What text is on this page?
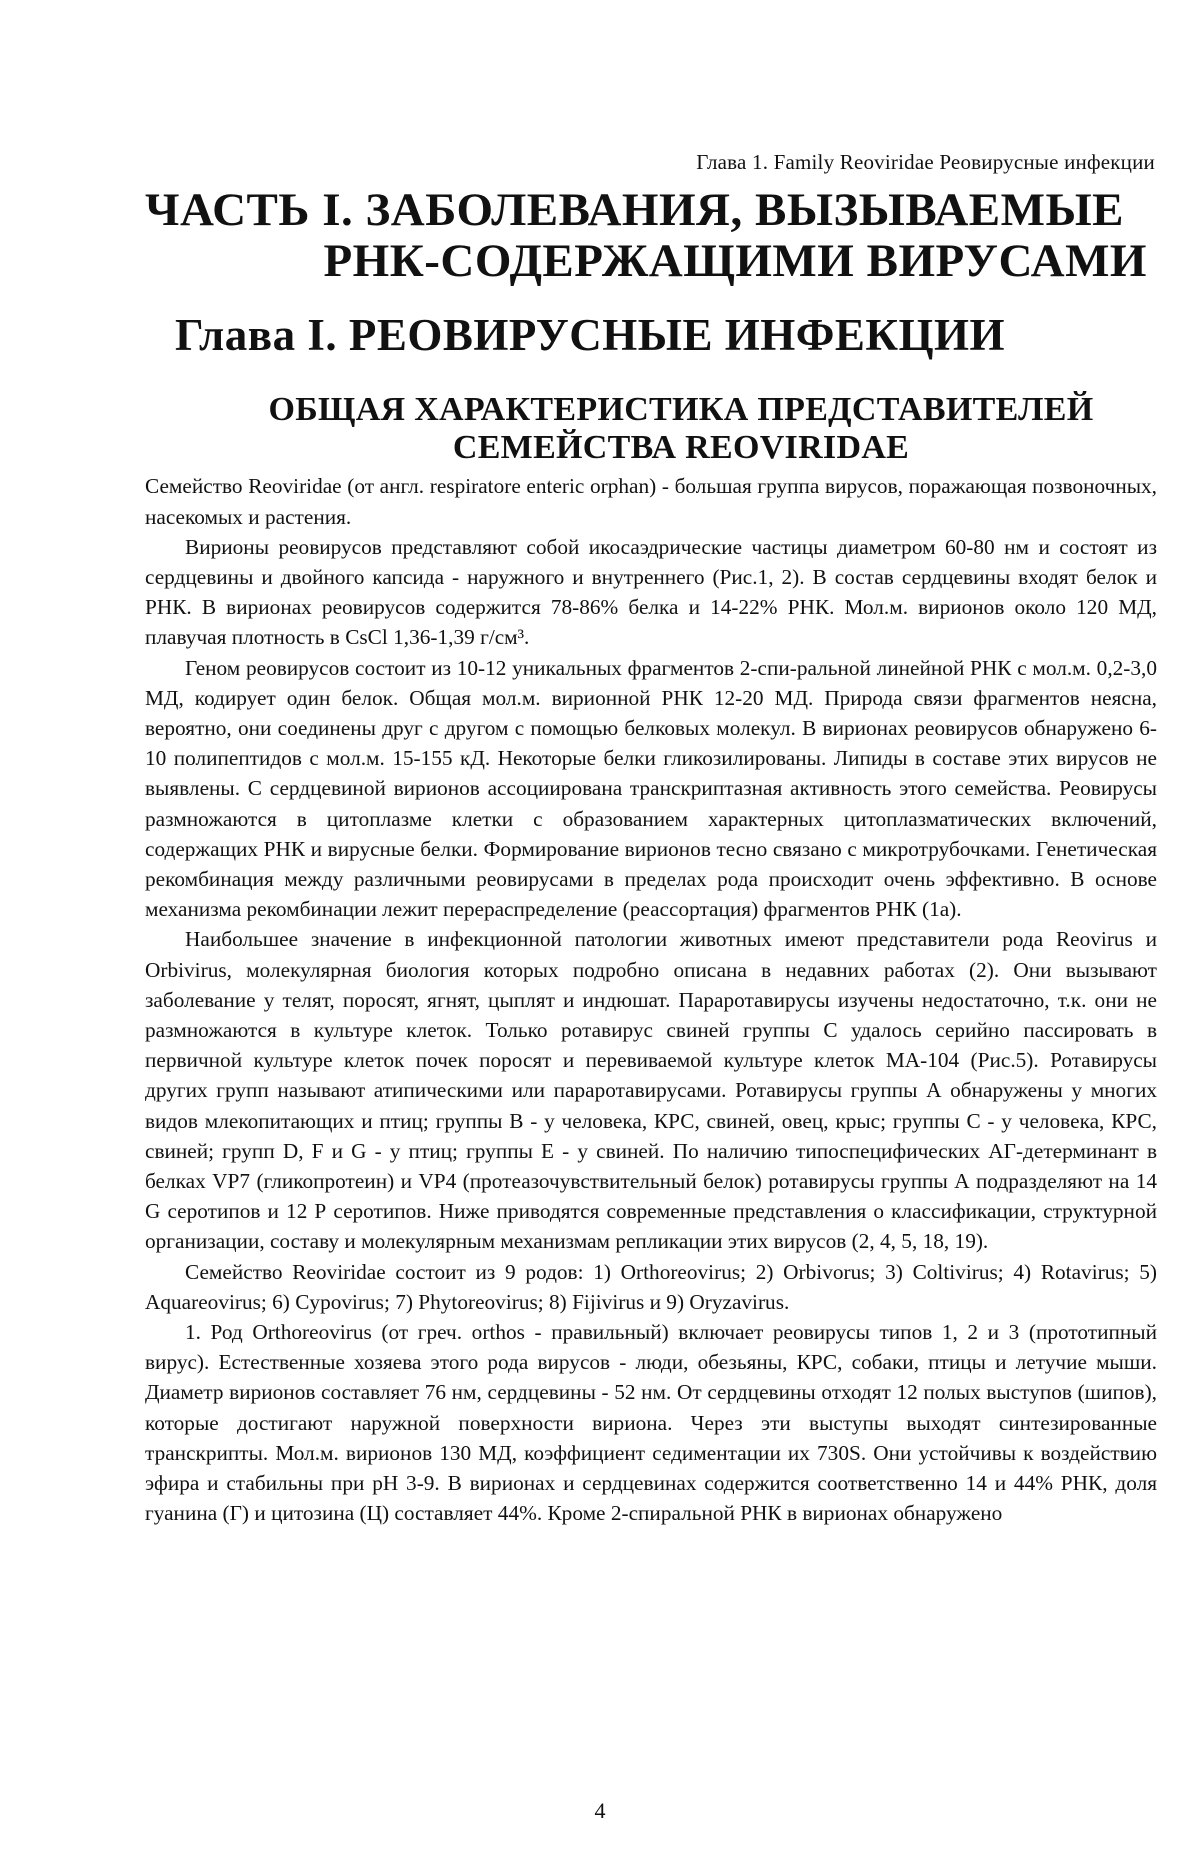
Глава 1. Family Reoviridae Реовирусные инфекции
ЧАСТЬ I. ЗАБОЛЕВАНИЯ, ВЫЗЫВАЕМЫЕ
РНК-СОДЕРЖАЩИМИ ВИРУСАМИ
Глава I. РЕОВИРУСНЫЕ ИНФЕКЦИИ
ОБЩАЯ ХАРАКТЕРИСТИКА ПРЕДСТАВИТЕЛЕЙ
СЕМЕЙСТВА REOVIRIDAE

Семейство Reoviridae (от англ. respiratore enteric orphan) - большая группа вирусов, поражающая позвоночных, насекомых и растения.

Вирионы реовирусов представляют собой икосаэдрические частицы диаметром 60-80 нм и состоят из сердцевины и двойного капсида - наружного и внутреннего (Рис.1, 2). В состав сердцевины входят белок и РНК. В вирионах реовирусов содержится 78-86% белка и 14-22% РНК. Мол.м. вирионов около 120 МД, плавучая плотность в CsCl 1,36-1,39 г/см³.

Геном реовирусов состоит из 10-12 уникальных фрагментов 2-спи-ральной линейной РНК с мол.м. 0,2-3,0 МД, кодирует один белок. Общая мол.м. вирионной РНК 12-20 МД. Природа связи фрагментов неясна, вероятно, они соединены друг с другом с помощью белковых молекул. В вирионах реовирусов обнаружено 6-10 полипептидов с мол.м. 15-155 кД. Некоторые белки гликозилированы. Липиды в составе этих вирусов не выявлены. С сердцевиной вирионов ассоциирована транскриптазная активность этого семейства. Реовирусы размножаются в цитоплазме клетки с образованием характерных цитоплазматических включений, содержащих РНК и вирусные белки. Формирование вирионов тесно связано с микротрубочками. Генетическая рекомбинация между различными реовирусами в пределах рода происходит очень эффективно. В основе механизма рекомбинации лежит перераспределение (реассортация) фрагментов РНК (1а).

Наибольшее значение в инфекционной патологии животных имеют представители рода Reovirus и Orbivirus, молекулярная биология которых подробно описана в недавних работах (2). Они вызывают заболевание у телят, поросят, ягнят, цыплят и индюшат. Парaротавирусы изучены недостаточно, т.к. они не размножаются в культуре клеток. Только ротавирус свиней группы С удалось серийно пассировать в первичной культуре клеток почек поросят и перевиваемой культуре клеток МА-104 (Рис.5). Ротавирусы других групп называют атипическими или парaротавирусами. Ротавирусы группы А обнаружены у многих видов млекопитающих и птиц; группы В - у человека, КРС, свиней, овец, крыс; группы С - у человека, КРС, свиней; групп D, F и G - у птиц; группы Е - у свиней. По наличию типоспецифических АГ-детерминант в белках VP7 (гликопротеин) и VP4 (протеазочувствительный белок) ротавирусы группы А подразделяют на 14 G серотипов и 12 Р серотипов. Ниже приводятся современные представления о классификации, структурной организации, составу и молекулярным механизмам репликации этих вирусов (2, 4, 5, 18, 19).

Семейство Reoviridae состоит из 9 родов: 1) Orthoreovirus; 2) Orbivorus; 3) Coltivirus; 4) Rotavirus; 5) Aquareovirus; 6) Cypovirus; 7) Phytoreovirus; 8) Fijivirus и 9) Oryzavirus.

1. Род Orthoreovirus (от греч. orthos - правильный) включает реовирусы типов 1, 2 и 3 (прототипный вирус). Естественные хозяева этого рода вирусов - люди, обезьяны, КРС, собаки, птицы и летучие мыши. Диаметр вирионов составляет 76 нм, сердцевины - 52 нм. От сердцевины отходят 12 полых выступов (шипов), которые достигают наружной поверхности вириона. Через эти выступы выходят синтезированные транскрипты. Мол.м. вирионов 130 МД, коэффициент седиментации их 730S. Они устойчивы к воздействию эфира и стабильны при рН 3-9. В вирионах и сердцевинах содержится соответственно 14 и 44% РНК, доля гуанина (Г) и цитозина (Ц) составляет 44%. Кроме 2-спиральной РНК в вирионах обнаружено

4
